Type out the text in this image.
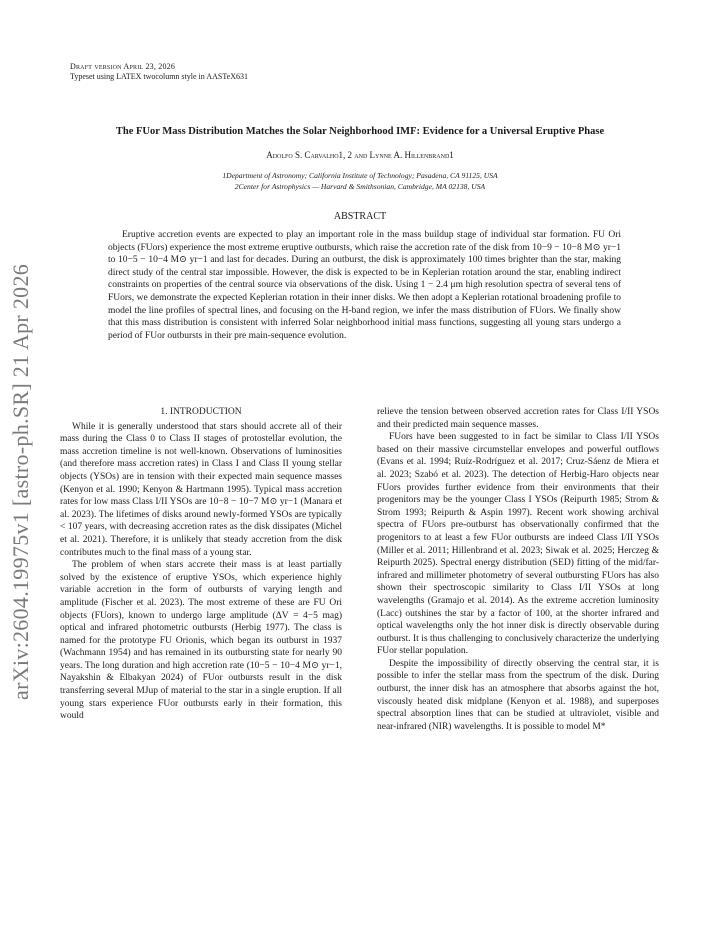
Draft version April 23, 2026
Typeset using LATEX twocolumn style in AASTeX631
The FUor Mass Distribution Matches the Solar Neighborhood IMF: Evidence for a Universal Eruptive Phase
Adolfo S. Carvalho1, 2 and Lynne A. Hillenbrand1
1Department of Astronomy; California Institute of Technology; Pasadena, CA 91125, USA
2Center for Astrophysics — Harvard & Smithsonian, Cambridge, MA 02138, USA
ABSTRACT
Eruptive accretion events are expected to play an important role in the mass buildup stage of individual star formation. FU Ori objects (FUors) experience the most extreme eruptive outbursts, which raise the accretion rate of the disk from 10−9 − 10−8 M⊙ yr−1 to 10−5 − 10−4 M⊙ yr−1 and last for decades. During an outburst, the disk is approximately 100 times brighter than the star, making direct study of the central star impossible. However, the disk is expected to be in Keplerian rotation around the star, enabling indirect constraints on properties of the central source via observations of the disk. Using 1 − 2.4 μm high resolution spectra of several tens of FUors, we demonstrate the expected Keplerian rotation in their inner disks. We then adopt a Keplerian rotational broadening profile to model the line profiles of spectral lines, and focusing on the H-band region, we infer the mass distribution of FUors. We finally show that this mass distribution is consistent with inferred Solar neighborhood initial mass functions, suggesting all young stars undergo a period of FUor outbursts in their pre main-sequence evolution.
1. INTRODUCTION

While it is generally understood that stars should accrete all of their mass during the Class 0 to Class II stages of protostellar evolution, the mass accretion timeline is not well-known. Observations of luminosities (and therefore mass accretion rates) in Class I and Class II young stellar objects (YSOs) are in tension with their expected main sequence masses (Kenyon et al. 1990; Kenyon & Hartmann 1995). Typical mass accretion rates for low mass Class I/II YSOs are 10−8 − 10−7 M⊙ yr−1 (Manara et al. 2023). The lifetimes of disks around newly-formed YSOs are typically < 107 years, with decreasing accretion rates as the disk dissipates (Michel et al. 2021). Therefore, it is unlikely that steady accretion from the disk contributes much to the final mass of a young star.

The problem of when stars accrete their mass is at least partially solved by the existence of eruptive YSOs, which experience highly variable accretion in the form of outbursts of varying length and amplitude (Fischer et al. 2023). The most extreme of these are FU Ori objects (FUors), known to undergo large amplitude (ΔV = 4−5 mag) optical and infrared photometric outbursts (Herbig 1977). The class is named for the prototype FU Orionis, which began its outburst in 1937 (Wachmann 1954) and has remained in its outbursting state for nearly 90 years. The long duration and high accretion rate (10−5 − 10−4 M⊙ yr−1, Nayakshin & Elbakyan 2024) of FUor outbursts result in the disk transferring several MJup of material to the star in a single eruption. If all young stars experience FUor outbursts early in their formation, this would

relieve the tension between observed accretion rates for Class I/II YSOs and their predicted main sequence masses.

FUors have been suggested to in fact be similar to Class I/II YSOs based on their massive circumstellar envelopes and powerful outflows (Evans et al. 1994; Ruíz-Rodríguez et al. 2017; Cruz-Sáenz de Miera et al. 2023; Szabó et al. 2023). The detection of Herbig-Haro objects near FUors provides further evidence from their environments that their progenitors may be the younger Class I YSOs (Reipurth 1985; Strom & Strom 1993; Reipurth & Aspin 1997). Recent work showing archival spectra of FUors pre-outburst has observationally confirmed that the progenitors to at least a few FUor outbursts are indeed Class I/II YSOs (Miller et al. 2011; Hillenbrand et al. 2023; Siwak et al. 2025; Herczeg & Reipurth 2025). Spectral energy distribution (SED) fitting of the mid/far-infrared and millimeter photometry of several outbursting FUors has also shown their spectroscopic similarity to Class I/II YSOs at long wavelengths (Gramajo et al. 2014). As the extreme accretion luminosity (Lacc) outshines the star by a factor of 100, at the shorter infrared and optical wavelengths only the hot inner disk is directly observable during outburst. It is thus challenging to conclusively characterize the underlying FUor stellar population.

Despite the impossibility of directly observing the central star, it is possible to infer the stellar mass from the spectrum of the disk. During outburst, the inner disk has an atmosphere that absorbs against the hot, viscously heated disk midplane (Kenyon et al. 1988), and superposes spectral absorption lines that can be studied at ultraviolet, visible and near-infrared (NIR) wavelengths. It is possible to model M*

arXiv:2604.19975v1 [astro-ph.SR] 21 Apr 2026
